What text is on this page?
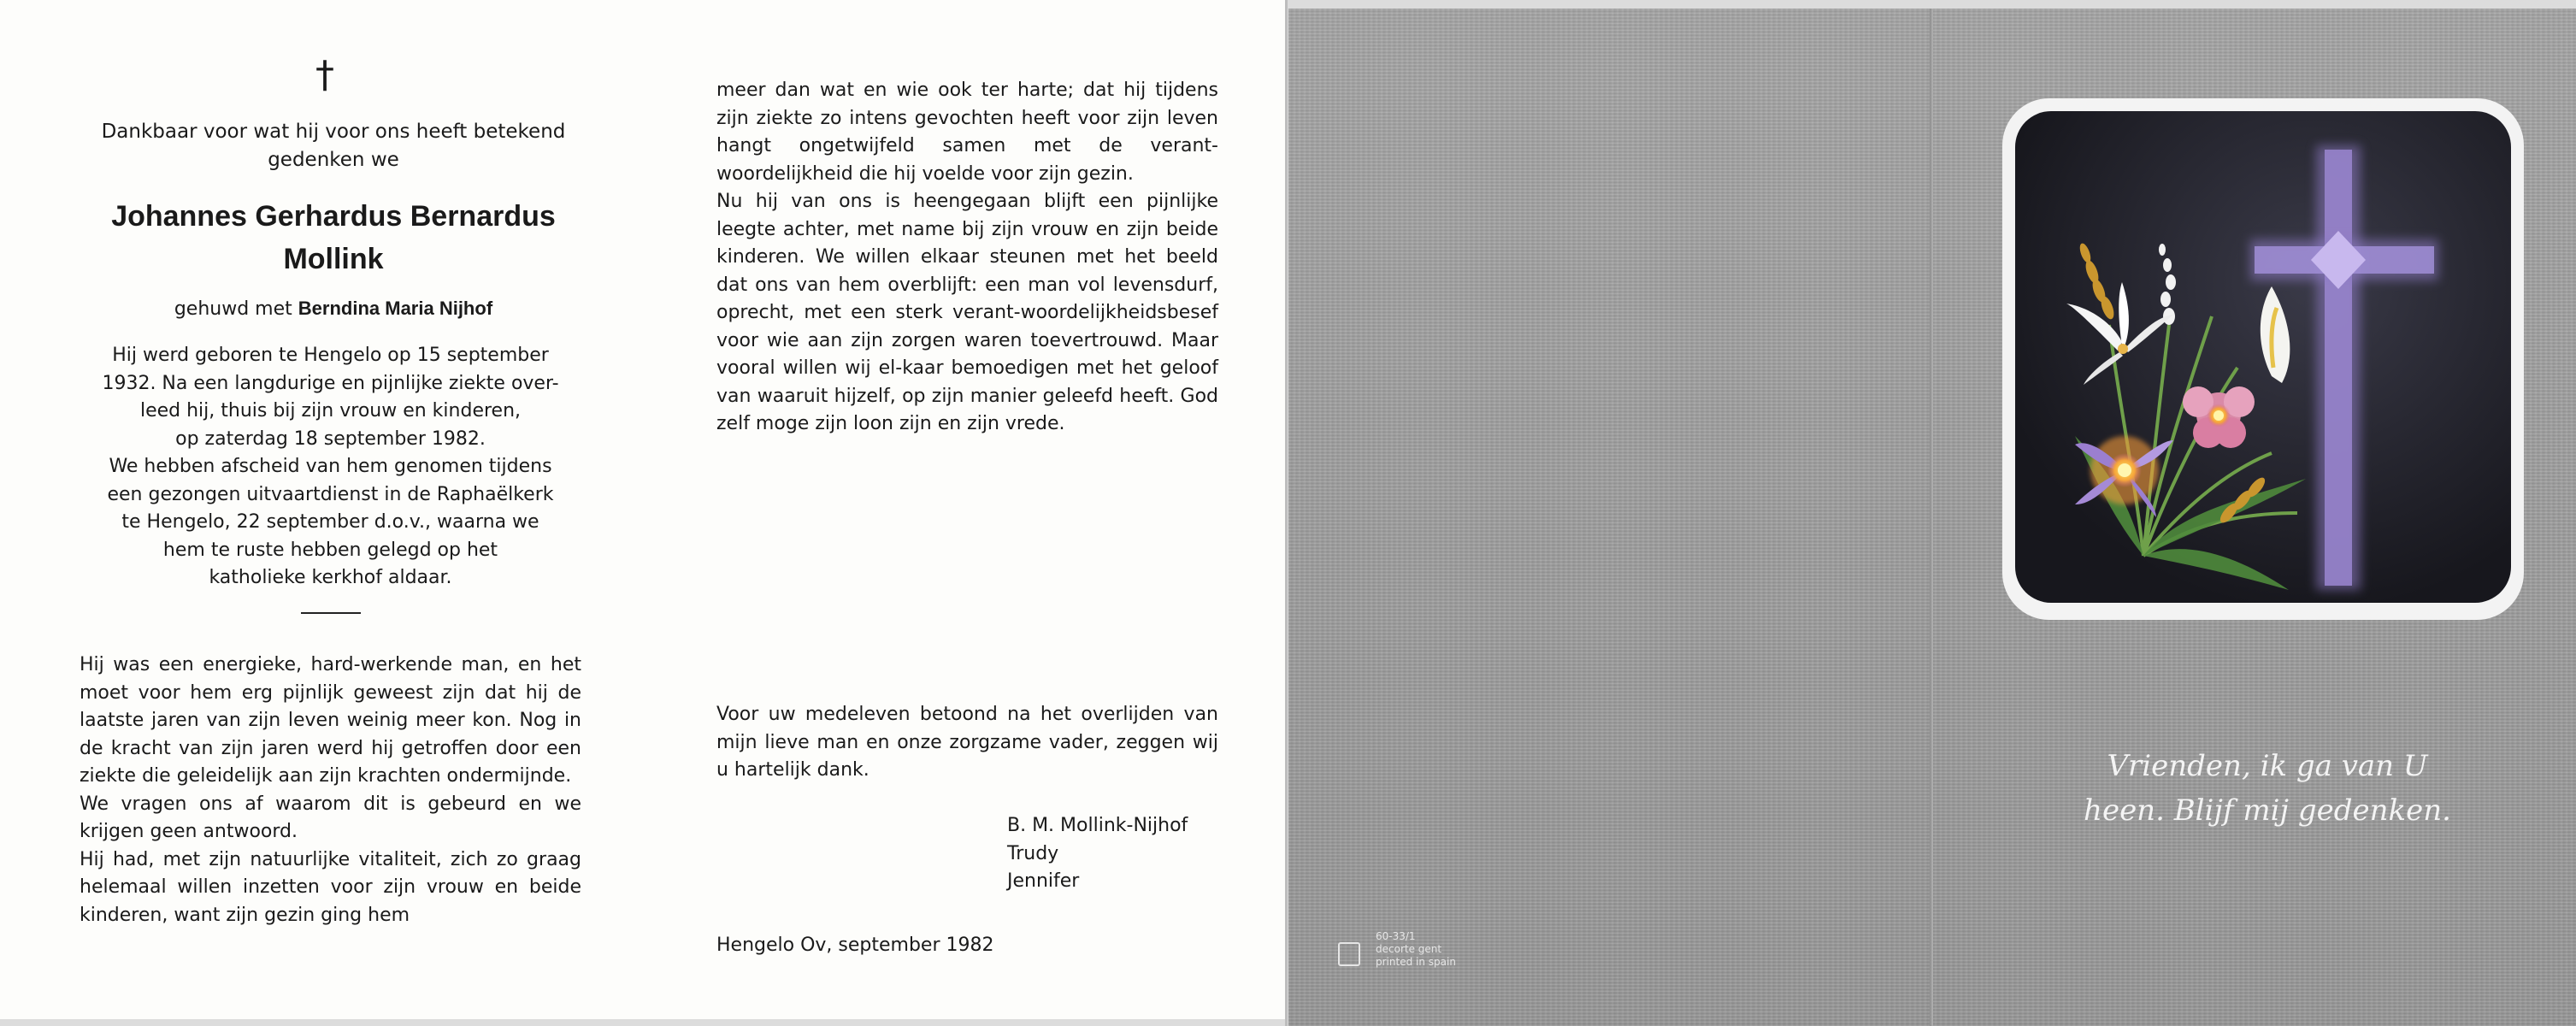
†
Dankbaar voor wat hij voor ons heeft betekend gedenken we
Johannes Gerhardus Bernardus
Mollink
gehuwd met Berndina Maria Nijhof
Hij werd geboren te Hengelo op 15 september
1932. Na een langdurige en pijnlijke ziekte over-
leed hij, thuis bij zijn vrouw en kinderen,
op zaterdag 18 september 1982.
We hebben afscheid van hem genomen tijdens
een gezongen uitvaartdienst in de Raphaëlkerk
te Hengelo, 22 september d.o.v., waarna we
hem te ruste hebben gelegd op het
katholieke kerkhof aldaar.

Hij was een energieke, hard-werkende man, en het moet voor hem erg pijnlijk geweest zijn dat hij de laatste jaren van zijn leven weinig meer kon. Nog in de kracht van zijn jaren werd hij getroffen door een ziekte die geleidelijk aan zijn krachten ondermijnde.

We vragen ons af waarom dit is gebeurd en we krijgen geen antwoord.

Hij had, met zijn natuurlijke vitaliteit, zich zo graag helemaal willen inzetten voor zijn vrouw en beide kinderen, want zijn gezin ging hem

meer dan wat en wie ook ter harte; dat hij tijdens zijn ziekte zo intens gevochten heeft voor zijn leven hangt ongetwijfeld samen met de verant-woordelijkheid die hij voelde voor zijn gezin.

Nu hij van ons is heengegaan blijft een pijnlijke leegte achter, met name bij zijn vrouw en zijn beide kinderen. We willen elkaar steunen met het beeld dat ons van hem overblijft: een man vol levensdurf, oprecht, met een sterk verant-woordelijkheidsbesef voor wie aan zijn zorgen waren toevertrouwd. Maar vooral willen wij el-kaar bemoedigen met het geloof van waaruit hijzelf, op zijn manier geleefd heeft. God zelf moge zijn loon zijn en zijn vrede.

Voor uw medeleven betoond na het overlijden van mijn lieve man en onze zorgzame vader, zeggen wij u hartelijk dank.

B. M. Mollink-Nijhof
Trudy
Jennifer
Hengelo Ov, september 1982
Vrienden, ik ga van U
heen. Blijf mij gedenken.
60-33/1
decorte gent
printed in spain
